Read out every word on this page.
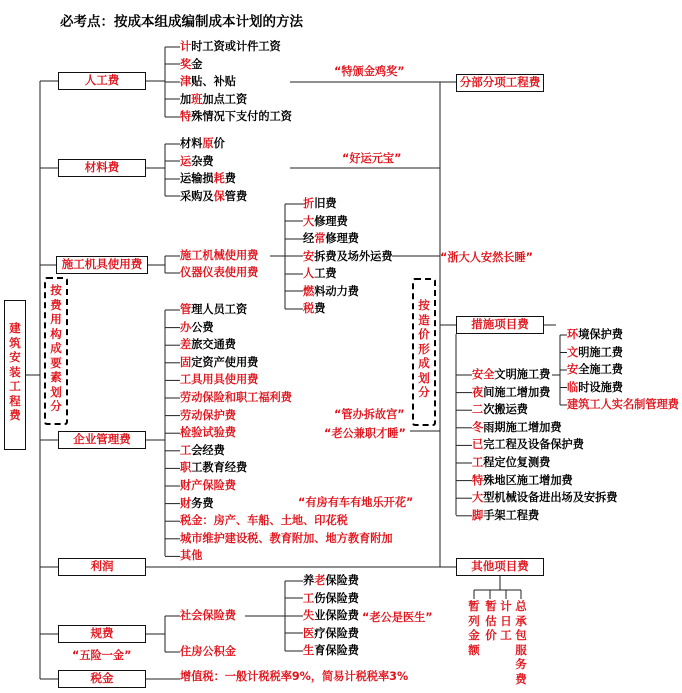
必考点：按成本组成编制成本计划的方法
建筑安装工程费
人工费
材料费
施工机具使用费
企业管理费
利润
规费
税金
分部分项工程费
措施项目费
其他项目费
按费用构成要素划分
按造价形成划分
暂列金额
暂估价
计日工
总承包服务费
“特颁金鸡奖”
“好运元宝”
“浙大人安然长睡”
“管办拆故宫”
“老公兼职才睡”
“有房有车有地乐开花”
“老公是医生”
“五险一金”
施工机械使用费
仪器仪表使用费
社会保险费
住房公积金
增值税：一般计税税率9%，简易计税税率3%
计时工资或计件工资
奖金
津贴、补贴
加班加点工资
特殊情况下支付的工资
材料原价
运杂费
运输损耗费
采购及保管费
折旧费
大修理费
经常修理费
安拆费及场外运费
人工费
燃料动力费
税费
管理人员工资
办公费
差旅交通费
固定资产使用费
工具用具使用费
劳动保险和职工福利费
劳动保护费
检验试验费
工会经费
职工教育经费
财产保险费
财务费
税金：房产、车船、土地、印花税
城市维护建设税、教育附加、地方教育附加
其他
养老保险费
工伤保险费
失业保险费
医疗保险费
生育保险费
安全文明施工费
夜间施工增加费
二次搬运费
冬雨期施工增加费
已完工程及设备保护费
工程定位复测费
特殊地区施工增加费
大型机械设备进出场及安拆费
脚手架工程费
环境保护费
文明施工费
安全施工费
临时设施费
建筑工人实名制管理费
